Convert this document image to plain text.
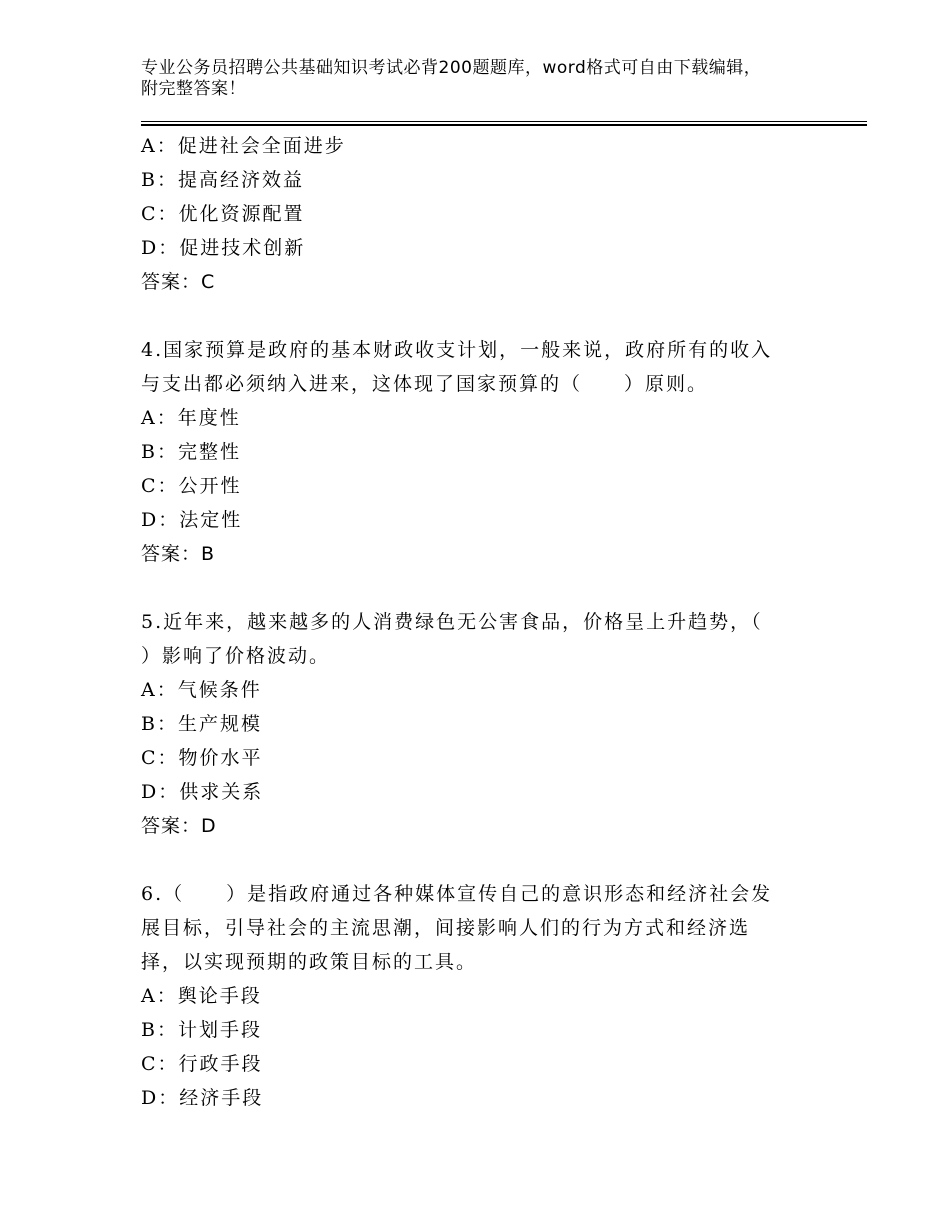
专业公务员招聘公共基础知识考试必背200题题库，word格式可自由下载编辑，
附完整答案！
A：促进社会全面进步
B：提高经济效益
C：优化资源配置
D：促进技术创新
答案：C
4.国家预算是政府的基本财政收支计划，一般来说，政府所有的收入
与支出都必须纳入进来，这体现了国家预算的（　　）原则。
A：年度性
B：完整性
C：公开性
D：法定性
答案：B
5.近年来，越来越多的人消费绿色无公害食品，价格呈上升趋势，（
）影响了价格波动。
A：气候条件
B：生产规模
C：物价水平
D：供求关系
答案：D
6.（　　）是指政府通过各种媒体宣传自己的意识形态和经济社会发
展目标，引导社会的主流思潮，间接影响人们的行为方式和经济选
择，以实现预期的政策目标的工具。
A：舆论手段
B：计划手段
C：行政手段
D：经济手段
